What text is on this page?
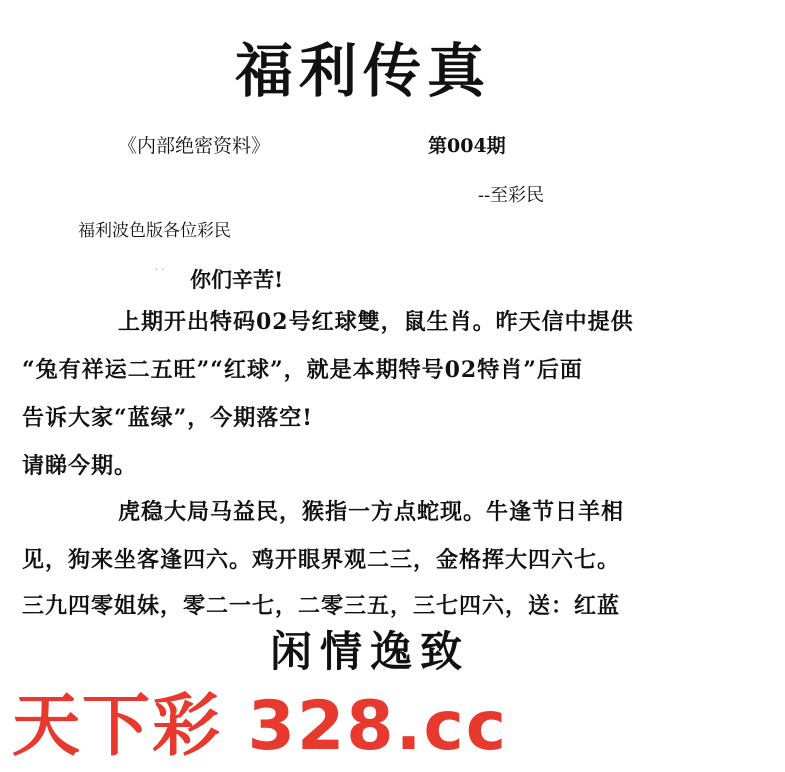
福利传真
《内部绝密资料》	第004期
--至彩民
福利波色版各位彩民
. . 你们辛苦!
上期开出特码02号红球雙，鼠生肖。昨天信中提供
“兔有祥运二五旺”“红球”，就是本期特号02特肖”后面
告诉大家“蓝绿”，今期落空!
请睇今期。
虎稳大局马益民，猴指一方点蛇现。牛逢节日羊相
见，狗来坐客逢四六。鸡开眼界观二三，金格挥大四六七。
三九四零姐妹，零二一七，二零三五，三七四六，送：红蓝
闲情逸致
天下彩 328.cc
